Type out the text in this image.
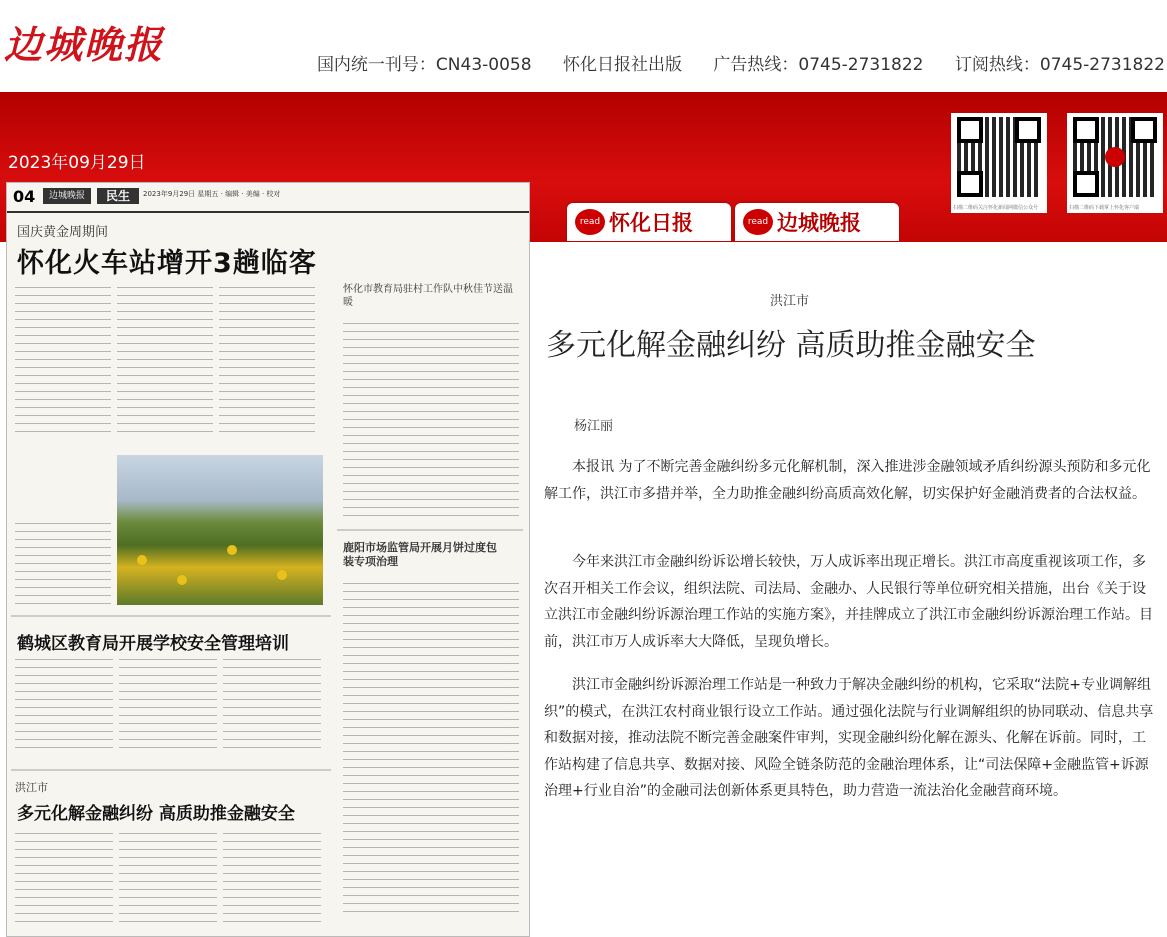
边城晚报	国内统一刊号：CN43-0058 怀化日报社出版 广告热线：0745-2731822 订阅热线：0745-2731822
2023年09月29日
扫描二维码关注怀化新闻网微信公众号	扫描二维码下载掌上怀化客户端
read 怀化日报	read 边城晚报
04	边城晚报	民生	2023年9月29日 星期五 · 编辑 · 美编 · 校对
国庆黄金周期间
怀化火车站增开3趟临客
怀化市教育局驻村工作队中秋佳节送温暖
鹿阳市场监管局开展月饼过度包装专项治理
鹤城区教育局开展学校安全管理培训
洪江市
多元化解金融纠纷 高质助推金融安全
洪江市
多元化解金融纠纷 高质助推金融安全
杨江丽

本报讯 为了不断完善金融纠纷多元化解机制，深入推进涉金融领域矛盾纠纷源头预防和多元化解工作，洪江市多措并举，全力助推金融纠纷高质高效化解，切实保护好金融消费者的合法权益。

今年来洪江市金融纠纷诉讼增长较快，万人成诉率出现正增长。洪江市高度重视该项工作，多次召开相关工作会议，组织法院、司法局、金融办、人民银行等单位研究相关措施，出台《关于设立洪江市金融纠纷诉源治理工作站的实施方案》，并挂牌成立了洪江市金融纠纷诉源治理工作站。目前，洪江市万人成诉率大大降低，呈现负增长。

洪江市金融纠纷诉源治理工作站是一种致力于解决金融纠纷的机构，它采取“法院+专业调解组织”的模式，在洪江农村商业银行设立工作站。通过强化法院与行业调解组织的协同联动、信息共享和数据对接，推动法院不断完善金融案件审判，实现金融纠纷化解在源头、化解在诉前。同时，工作站构建了信息共享、数据对接、风险全链条防范的金融治理体系，让“司法保障+金融监管+诉源治理+行业自治”的金融司法创新体系更具特色，助力营造一流法治化金融营商环境。
